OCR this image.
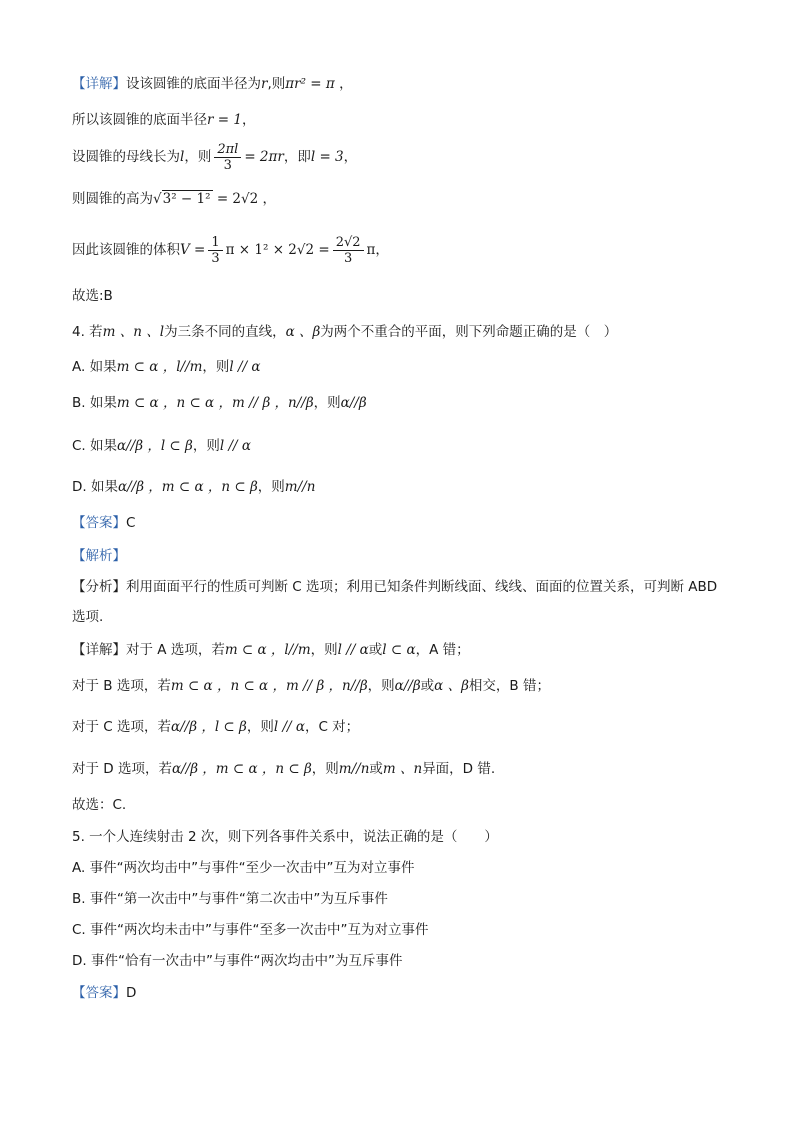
【详解】设该圆锥的底面半径为r,则πr² = π ，
所以该圆锥的底面半径r = 1，
设圆锥的母线长为l，则 $\frac{2\pi l}{3} = 2\pi r$，即l = 3，
则圆锥的高为√3² − 1² = 2√2 ，
因此该圆锥的体积$V = \frac{1}{3}$ $\pi \times 1^2 \times 2√2 = \frac{2√2}{3}$ π，
故选:B
4. 若m 、n 、l为三条不同的直线，α 、β为两个不重合的平面，则下列命题正确的是（　）
A. 如果m ⊂ α ，l//m，则l // α
B. 如果m ⊂ α ，n ⊂ α ，m // β ，n//β，则α//β
C. 如果α//β ，l ⊂ β，则l // α
D. 如果α//β ，m ⊂ α ，n ⊂ β，则m//n
【答案】C
【解析】
【分析】利用面面平行的性质可判断 C 选项；利用已知条件判断线面、线线、面面的位置关系，可判断 ABD
选项.
【详解】对于 A 选项，若m ⊂ α ，l//m，则l // α或l ⊂ α，A 错；
对于 B 选项，若m ⊂ α ，n ⊂ α ，m // β ，n//β，则α//β或α 、β相交，B 错；
对于 C 选项，若α//β ，l ⊂ β，则l // α，C 对；
对于 D 选项，若α//β ，m ⊂ α ，n ⊂ β，则m//n或m 、n异面，D 错.
故选：C.
5. 一个人连续射击 2 次，则下列各事件关系中，说法正确的是（　　）
A. 事件“两次均击中”与事件“至少一次击中”互为对立事件
B. 事件“第一次击中”与事件“第二次击中”为互斥事件
C. 事件“两次均未击中”与事件“至多一次击中”互为对立事件
D. 事件“恰有一次击中”与事件“两次均击中”为互斥事件
【答案】D
